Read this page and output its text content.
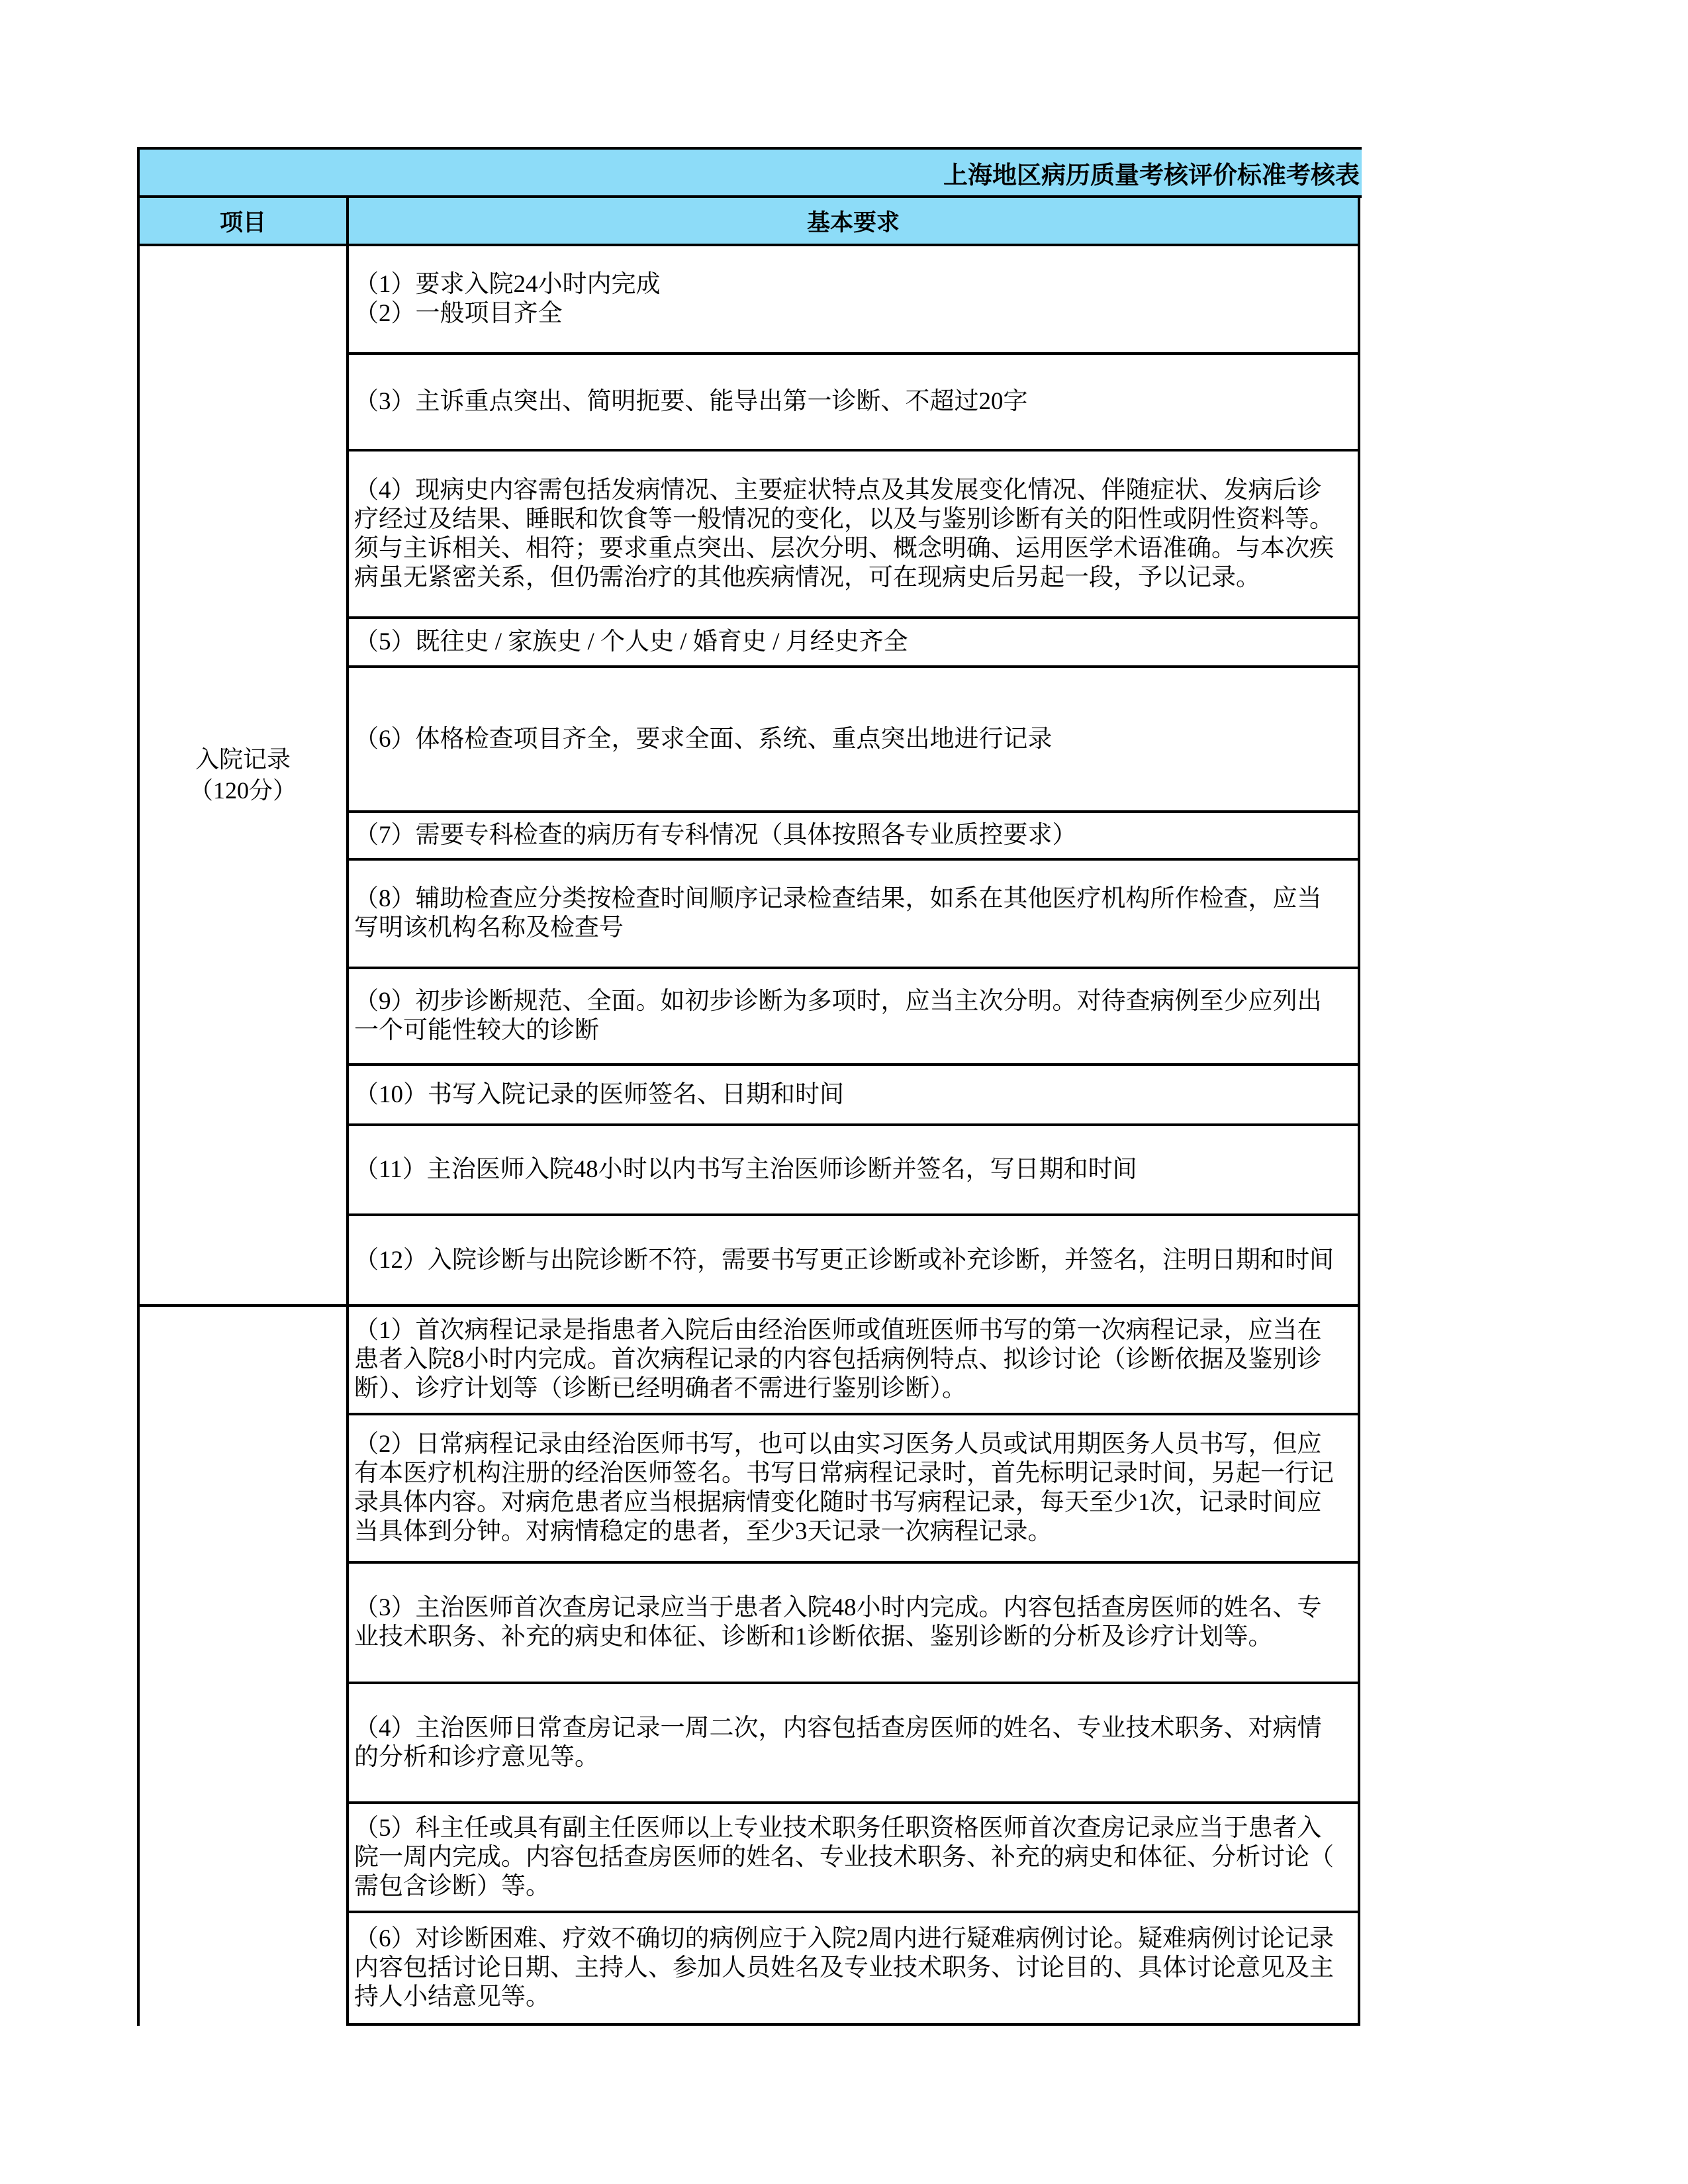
上海地区病历质量考核评价标准考核表
项目	基本要求
入院记录
（120分）
（1）要求入院24小时内完成
（2）一般项目齐全
（3）主诉重点突出、简明扼要、能导出第一诊断、不超过20字
（4）现病史内容需包括发病情况、主要症状特点及其发展变化情况、伴随症状、发病后诊
疗经过及结果、睡眠和饮食等一般情况的变化，以及与鉴别诊断有关的阳性或阴性资料等。
须与主诉相关、相符；要求重点突出、层次分明、概念明确、运用医学术语准确。与本次疾
病虽无紧密关系，但仍需治疗的其他疾病情况，可在现病史后另起一段，予以记录。
（5）既往史 / 家族史 / 个人史 / 婚育史 / 月经史齐全
（6）体格检查项目齐全，要求全面、系统、重点突出地进行记录
（7）需要专科检查的病历有专科情况（具体按照各专业质控要求）
（8）辅助检查应分类按检查时间顺序记录检查结果，如系在其他医疗机构所作检查，应当
写明该机构名称及检查号
（9）初步诊断规范、全面。如初步诊断为多项时，应当主次分明。对待查病例至少应列出
一个可能性较大的诊断
（10）书写入院记录的医师签名、日期和时间
（11）主治医师入院48小时以内书写主治医师诊断并签名，写日期和时间
（12）入院诊断与出院诊断不符，需要书写更正诊断或补充诊断，并签名，注明日期和时间
（1）首次病程记录是指患者入院后由经治医师或值班医师书写的第一次病程记录，应当在
患者入院8小时内完成。首次病程记录的内容包括病例特点、拟诊讨论（诊断依据及鉴别诊
断）、诊疗计划等（诊断已经明确者不需进行鉴别诊断）。
（2）日常病程记录由经治医师书写，也可以由实习医务人员或试用期医务人员书写，但应
有本医疗机构注册的经治医师签名。书写日常病程记录时，首先标明记录时间，另起一行记
录具体内容。对病危患者应当根据病情变化随时书写病程记录，每天至少1次，记录时间应
当具体到分钟。对病情稳定的患者，至少3天记录一次病程记录。
（3）主治医师首次查房记录应当于患者入院48小时内完成。内容包括查房医师的姓名、专
业技术职务、补充的病史和体征、诊断和1诊断依据、鉴别诊断的分析及诊疗计划等。
（4）主治医师日常查房记录一周二次，内容包括查房医师的姓名、专业技术职务、对病情
的分析和诊疗意见等。
（5）科主任或具有副主任医师以上专业技术职务任职资格医师首次查房记录应当于患者入
院一周内完成。内容包括查房医师的姓名、专业技术职务、补充的病史和体征、分析讨论（
需包含诊断）等。
（6）对诊断困难、疗效不确切的病例应于入院2周内进行疑难病例讨论。疑难病例讨论记录
内容包括讨论日期、主持人、参加人员姓名及专业技术职务、讨论目的、具体讨论意见及主
持人小结意见等。
